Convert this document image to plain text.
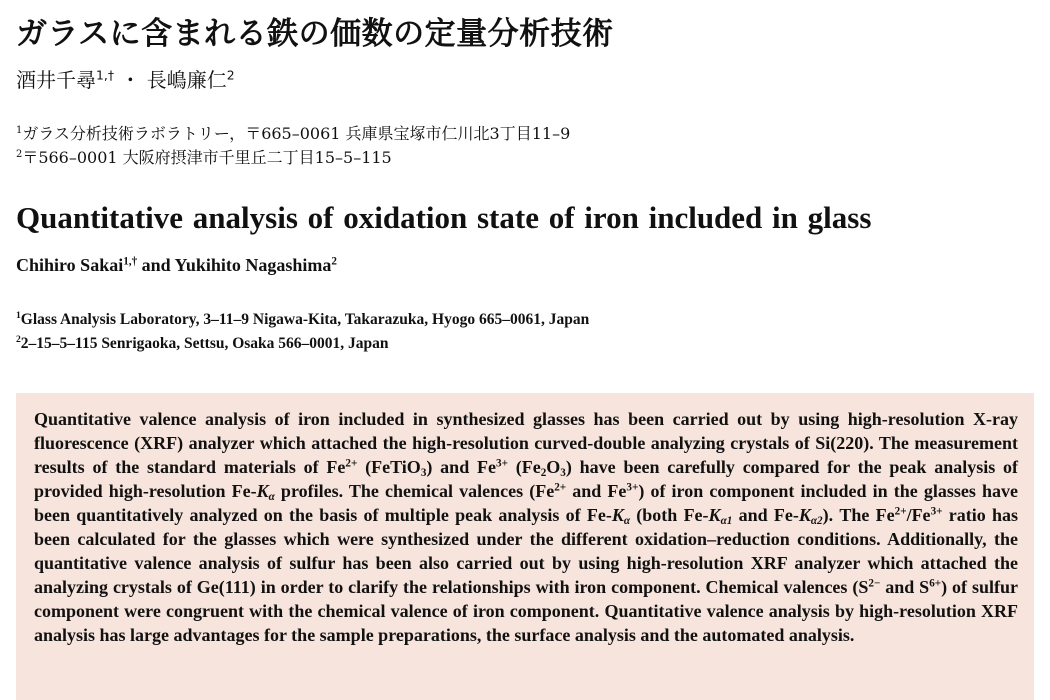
ガラスに含まれる鉄の価数の定量分析技術
酒井千尋$^{1,\dagger}$ ・ 長嶋廉仁$^2$
$^1$ガラス分析技術ラボラトリー，〒665–0061 兵庫県宝塚市仁川北3丁目11–9
$^2$〒566–0001 大阪府摂津市千里丘二丁目15–5–115
Quantitative analysis of oxidation state of iron included in glass
Chihiro Sakai$^{1,\dagger}$ and Yukihito Nagashima$^2$
$^1$Glass Analysis Laboratory, 3–11–9 Nigawa-Kita, Takarazuka, Hyogo 665–0061, Japan
$^2$2–15–5–115 Senrigaoka, Settsu, Osaka 566–0001, Japan
Quantitative valence analysis of iron included in synthesized glasses has been carried out by using high-resolution X-ray fluorescence (XRF) analyzer which attached the high-resolution curved-double analyzing crystals of Si(220). The measurement results of the standard materials of $Fe^{2+}$ (FeTiO$_3$) and $Fe^{3+}$ $(Fe_2O_3)$ have been carefully compared for the peak analysis of provided high-resolution $Fe-K_\alpha$ profiles. The chemical valences ($Fe^{2+}$ and $Fe^{3+}$) of iron component included in the glasses have been quantitatively analyzed on the basis of multiple peak analysis of $Fe-K_\alpha$ (both $Fe-K_{\alpha 1}$ and $Fe-K_{\alpha 2}$). The $Fe^{2+}/Fe^{3+}$ ratio has been calculated for the glasses which were synthesized under the different oxidation–reduction conditions. Additionally, the quantitative valence analysis of sulfur has been also carried out by using high-resolution XRF analyzer which attached the analyzing crystals of Ge(111) in order to clarify the relationships with iron component. Chemical valences ($S^{2-}$ and $S^{6+}$) of sulfur component were congruent with the chemical valence of iron component. Quantitative valence analysis by high-resolution XRF analysis has large advantages for the sample preparations, the surface analysis and the automated analysis.
